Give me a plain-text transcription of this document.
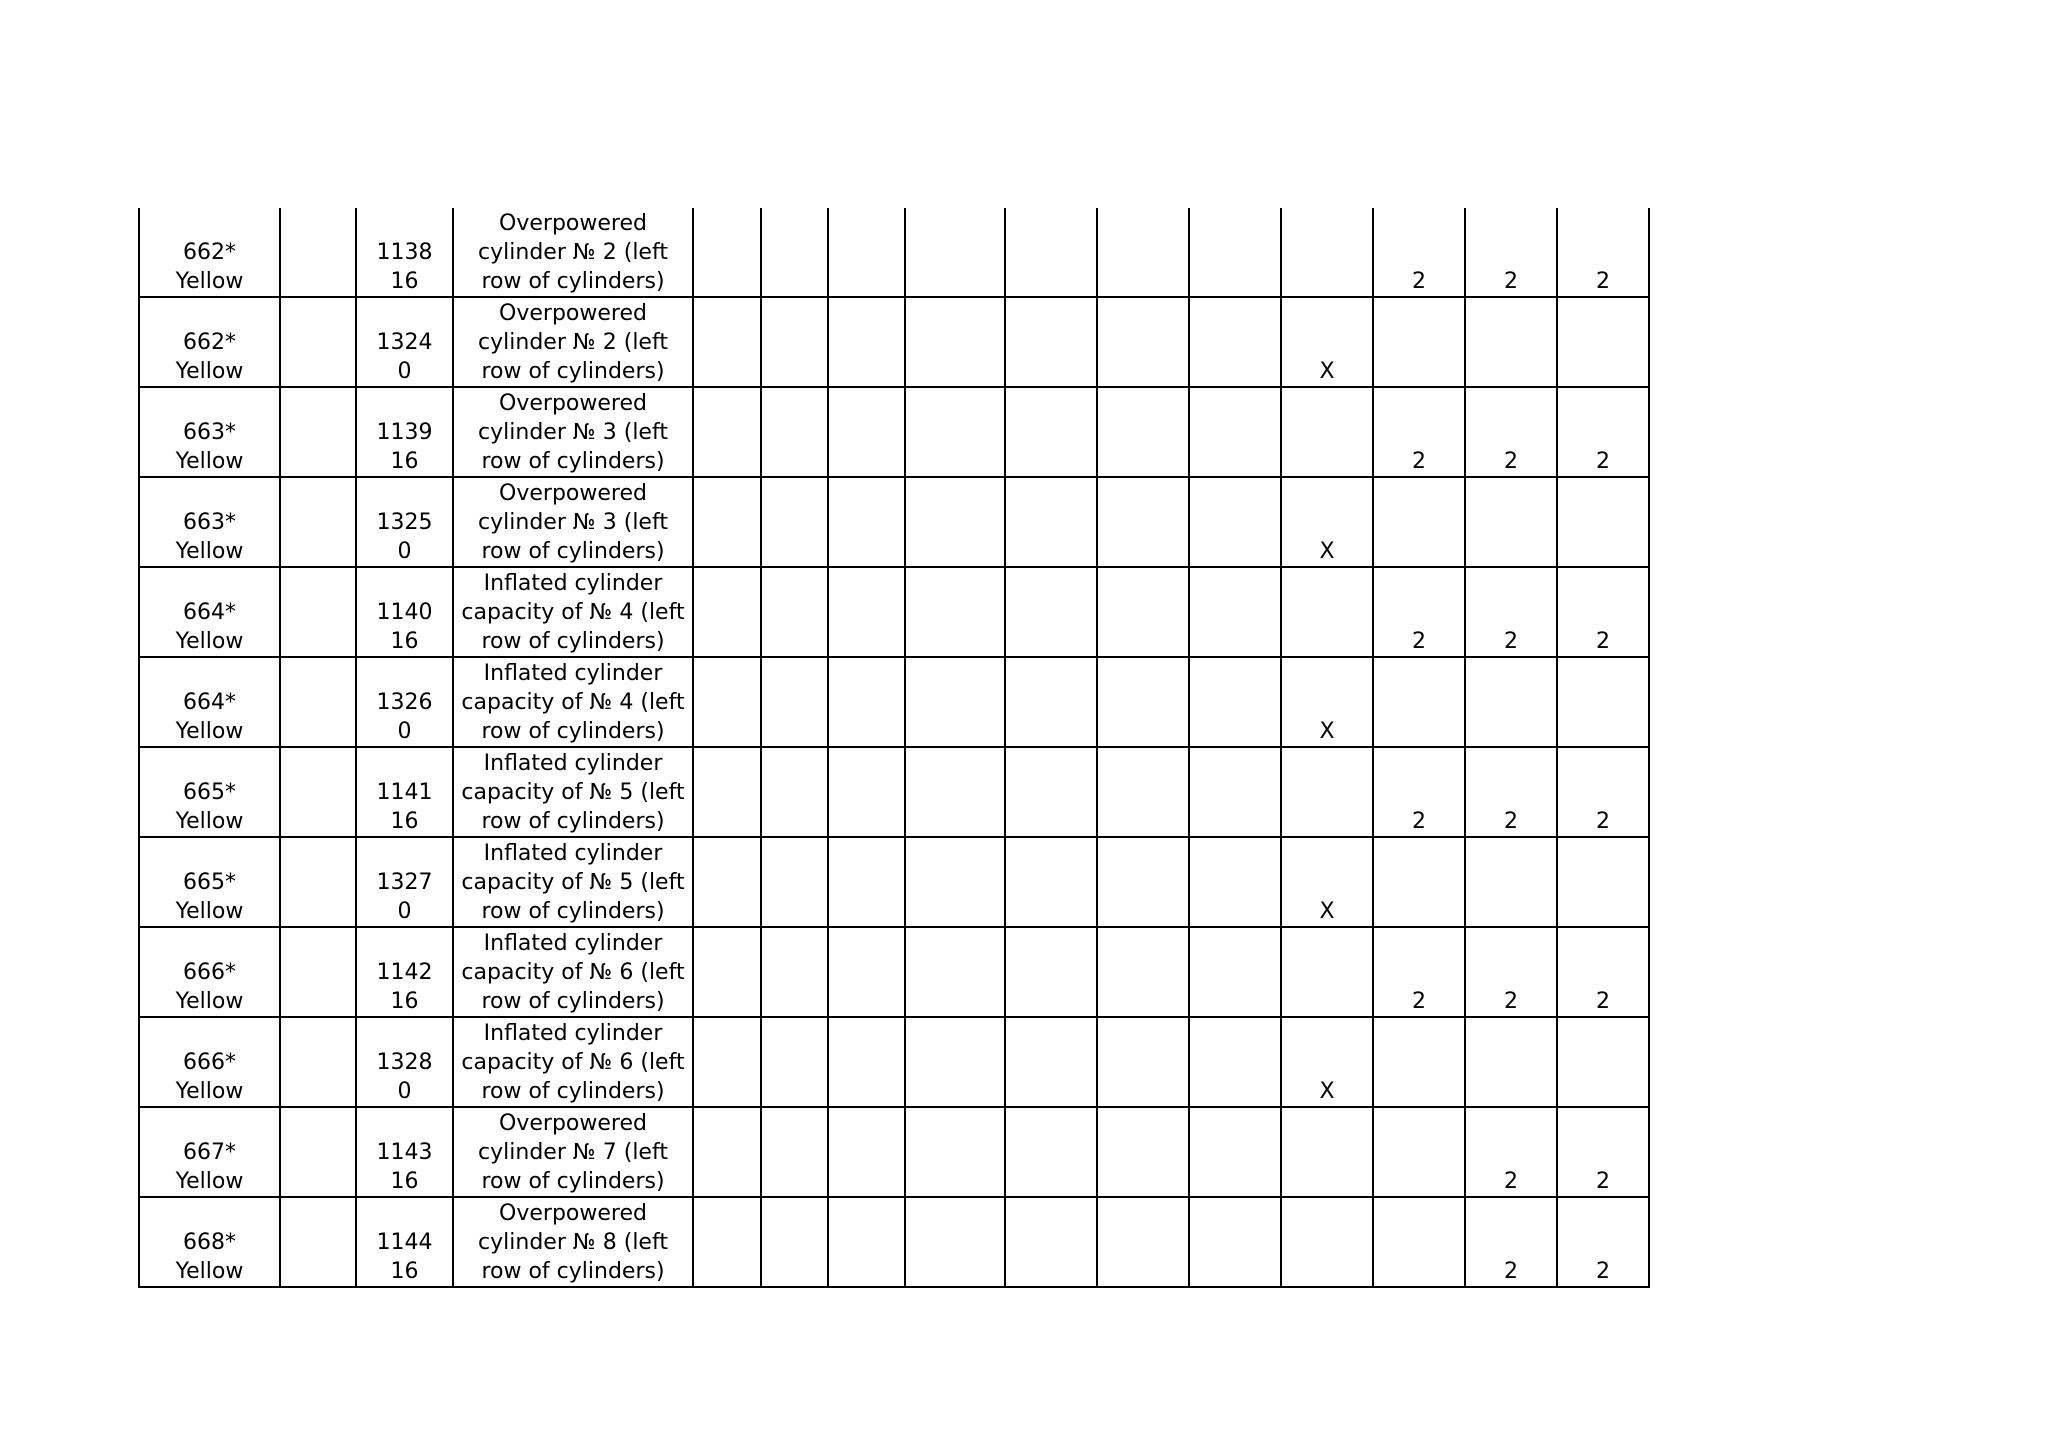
662*
Yellow		1138
16	Overpowered
cylinder № 2 (left
row of cylinders)									2	2	2
662*
Yellow		1324
0	Overpowered
cylinder № 2 (left
row of cylinders)								X			
663*
Yellow		1139
16	Overpowered
cylinder № 3 (left
row of cylinders)									2	2	2
663*
Yellow		1325
0	Overpowered
cylinder № 3 (left
row of cylinders)								X			
664*
Yellow		1140
16	Inflated cylinder
capacity of № 4 (left
row of cylinders)									2	2	2
664*
Yellow		1326
0	Inflated cylinder
capacity of № 4 (left
row of cylinders)								X			
665*
Yellow		1141
16	Inflated cylinder
capacity of № 5 (left
row of cylinders)									2	2	2
665*
Yellow		1327
0	Inflated cylinder
capacity of № 5 (left
row of cylinders)								X			
666*
Yellow		1142
16	Inflated cylinder
capacity of № 6 (left
row of cylinders)									2	2	2
666*
Yellow		1328
0	Inflated cylinder
capacity of № 6 (left
row of cylinders)								X			
667*
Yellow		1143
16	Overpowered
cylinder № 7 (left
row of cylinders)										2	2
668*
Yellow		1144
16	Overpowered
cylinder № 8 (left
row of cylinders)										2	2
